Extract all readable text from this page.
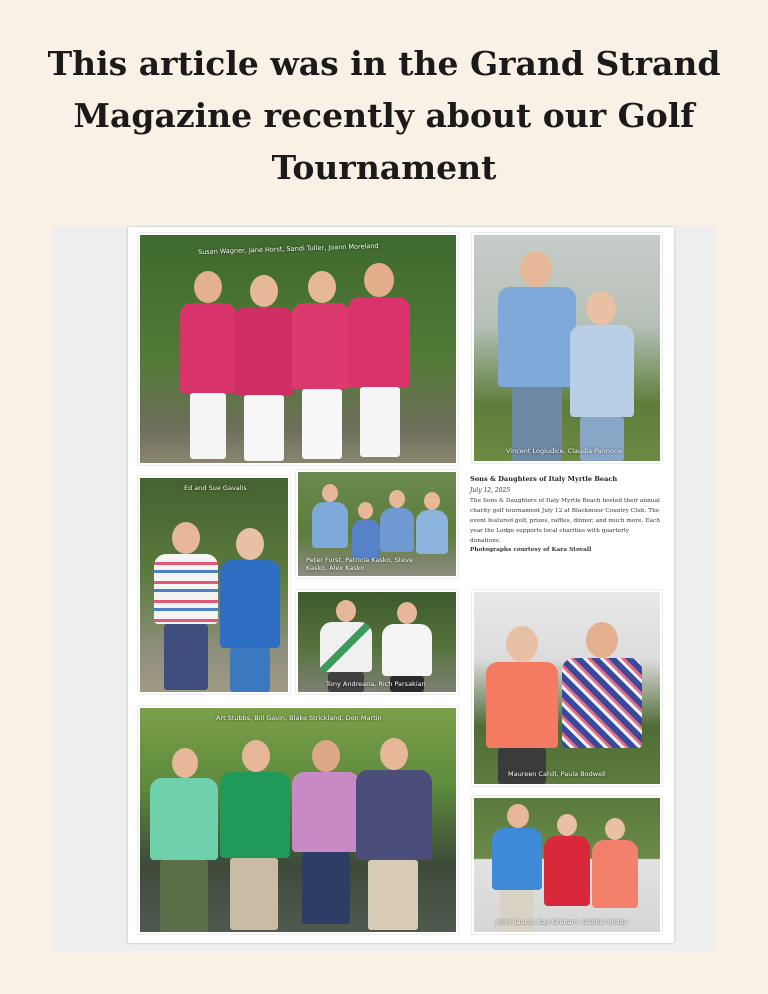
This article was in the Grand Strand Magazine recently about our Golf Tournament
Susan Wagner, Jane Horst, Sandi Tuller, Joann Moreland
Vincent Logiudice, Claudia Pannone
Ed and Sue Gavalis
Peter Furst, Patricia Kasko, Steve Kasko, Alex Kasko
Tony Andreana, Rich Parsakian
Sons & Daughters of Italy Myrtle Beach
July 12, 2025
The Sons & Daughters of Italy Myrtle Beach hosted their annual charity golf tournament July 12 at Blackmoor Country Club. The event featured golf, prizes, raffles, dinner, and much more. Each year the Lodge supports local charities with quarterly donations.
Photographs courtesy of Kara Stovall
Maureen Cahill, Paula Bodwell
Art Stubbs, Bill Gavin, Blake Strickland, Don Martin
John Raucci, Kay Graham, Debbie Rodey
